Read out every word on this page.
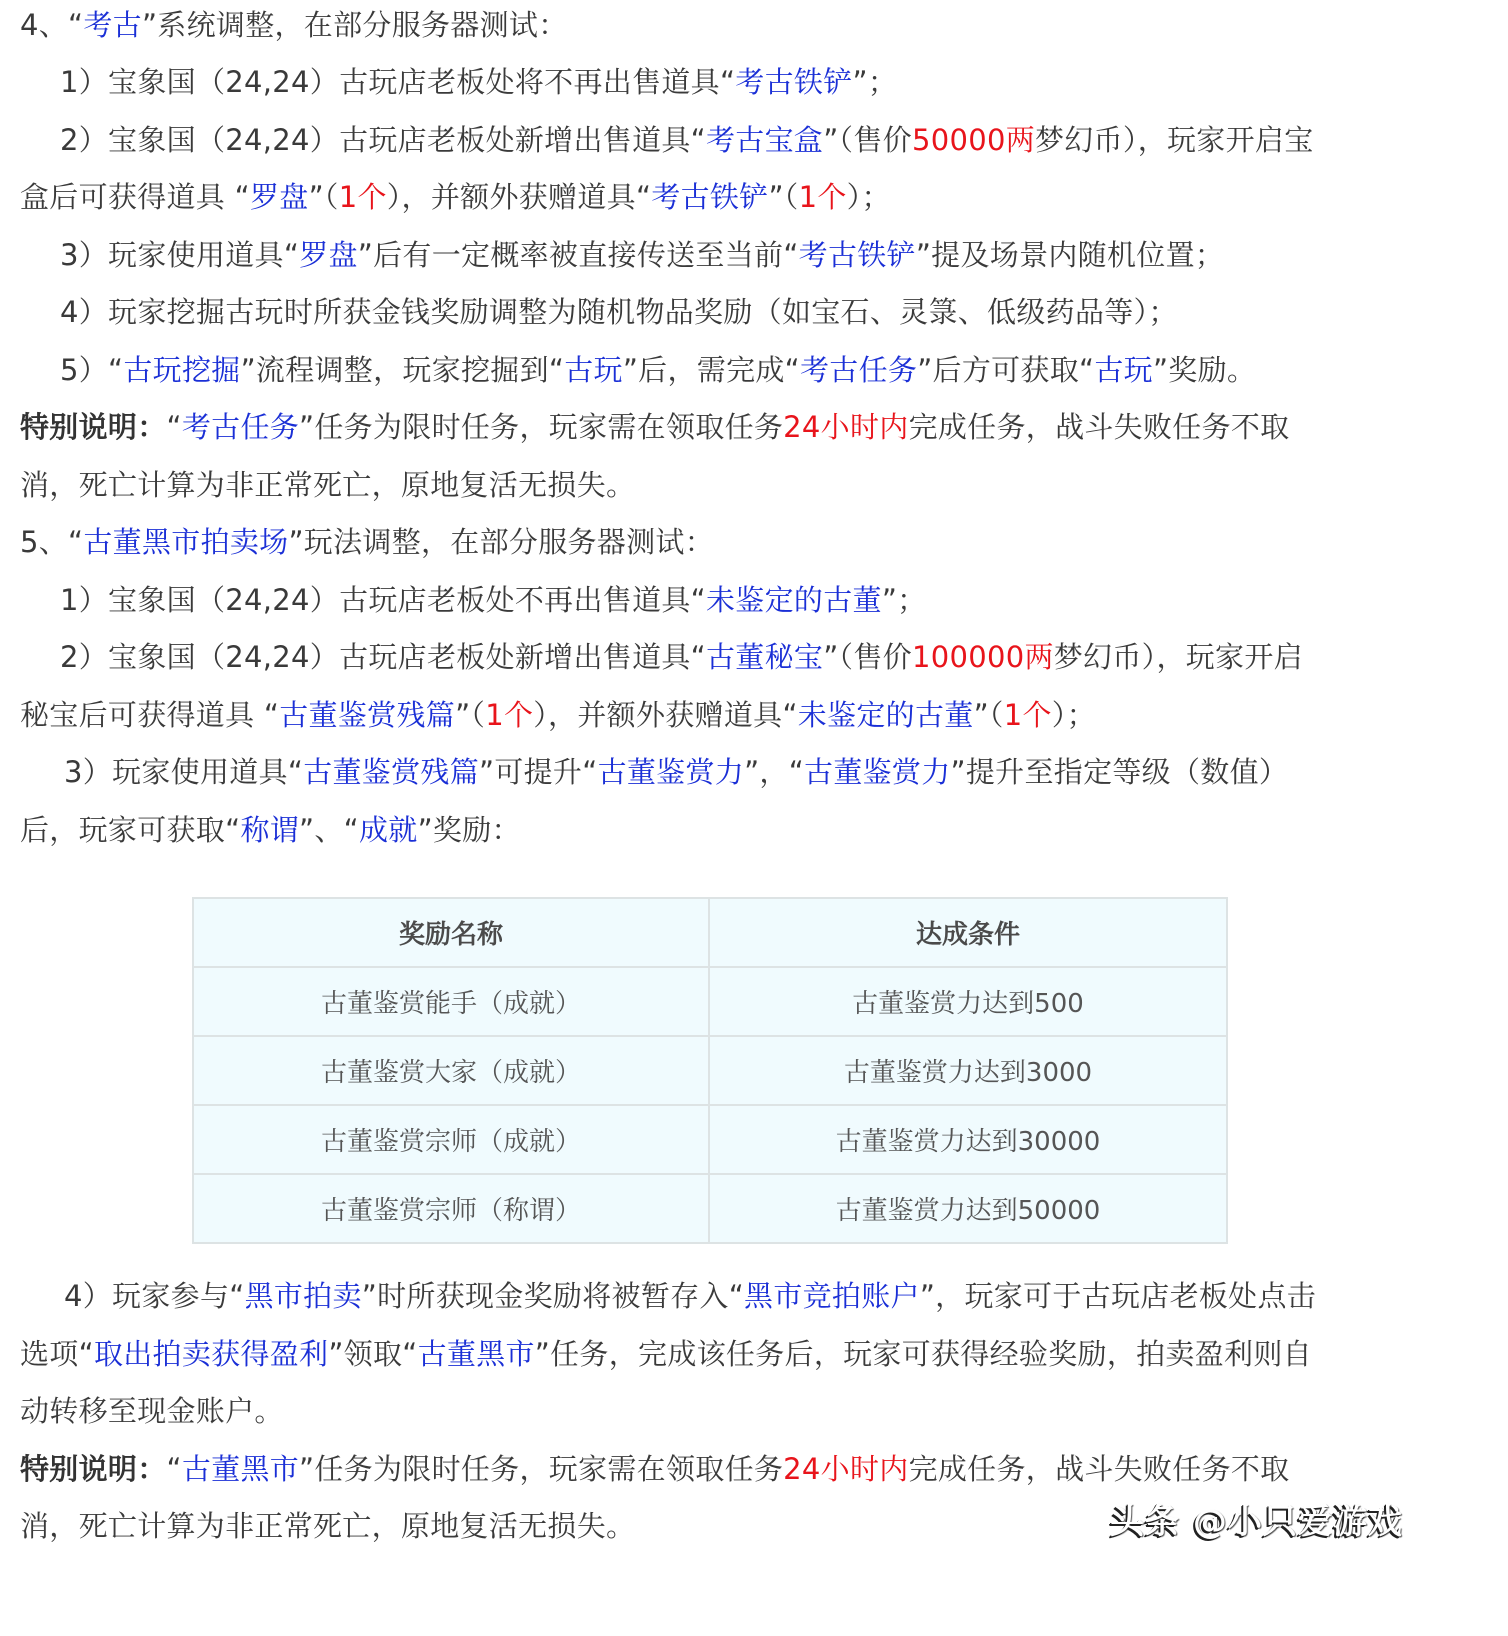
4、“考古”系统调整，在部分服务器测试：
1）宝象国（24,24）古玩店老板处将不再出售道具“考古铁铲”；
2）宝象国（24,24）古玩店老板处新增出售道具“考古宝盒”（售价50000两梦幻币），玩家开启宝
盒后可获得道具 “罗盘”（1个），并额外获赠道具“考古铁铲”（1个）；
3）玩家使用道具“罗盘”后有一定概率被直接传送至当前“考古铁铲”提及场景内随机位置；
4）玩家挖掘古玩时所获金钱奖励调整为随机物品奖励（如宝石、灵箓、低级药品等）；
5）“古玩挖掘”流程调整，玩家挖掘到“古玩”后，需完成“考古任务”后方可获取“古玩”奖励。
特别说明：“考古任务”任务为限时任务，玩家需在领取任务24小时内完成任务，战斗失败任务不取
消，死亡计算为非正常死亡，原地复活无损失。
5、“古董黑市拍卖场”玩法调整，在部分服务器测试：
1）宝象国（24,24）古玩店老板处不再出售道具“未鉴定的古董”；
2）宝象国（24,24）古玩店老板处新增出售道具“古董秘宝”（售价100000两梦幻币），玩家开启
秘宝后可获得道具 “古董鉴赏残篇”（1个），并额外获赠道具“未鉴定的古董”（1个）；
3）玩家使用道具“古董鉴赏残篇”可提升“古董鉴赏力”，“古董鉴赏力”提升至指定等级（数值）
后，玩家可获取“称谓”、“成就”奖励：
4）玩家参与“黑市拍卖”时所获现金奖励将被暂存入“黑市竞拍账户”，玩家可于古玩店老板处点击
选项“取出拍卖获得盈利”领取“古董黑市”任务，完成该任务后，玩家可获得经验奖励，拍卖盈利则自
动转移至现金账户。
特别说明：“古董黑市”任务为限时任务，玩家需在领取任务24小时内完成任务，战斗失败任务不取
消，死亡计算为非正常死亡，原地复活无损失。
奖励名称	达成条件
古董鉴赏能手（成就）	古董鉴赏力达到500
古董鉴赏大家（成就）	古董鉴赏力达到3000
古董鉴赏宗师（成就）	古董鉴赏力达到30000
古董鉴赏宗师（称谓）	古董鉴赏力达到50000
头条 @小只爱游戏
